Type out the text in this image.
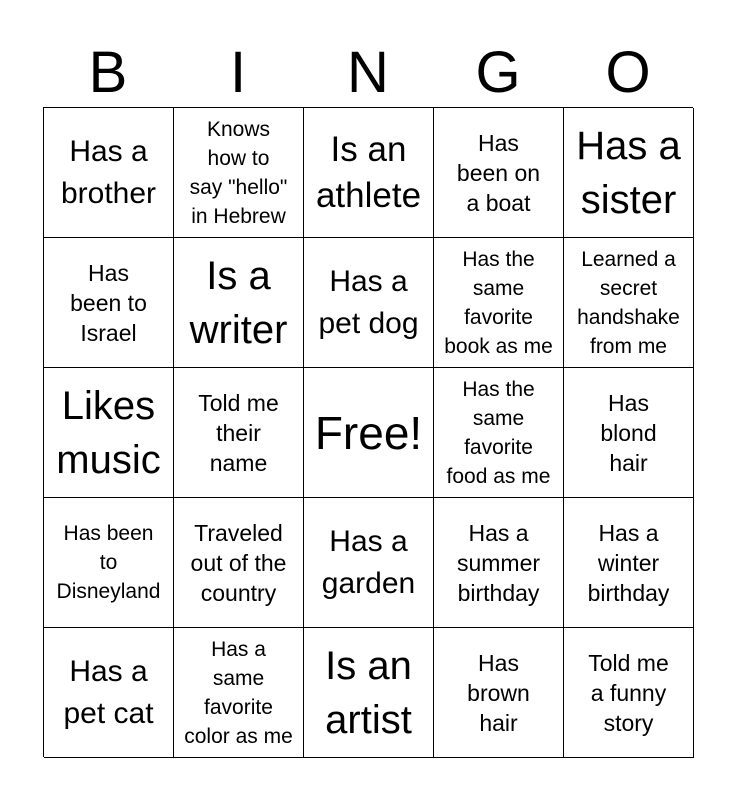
B	I	N	G	O
Has a
brother
Knows
how to
say "hello"
in Hebrew
Is an
athlete
Has
been on
a boat
Has a
sister
Has
been to
Israel
Is a
writer
Has a
pet dog
Has the
same
favorite
book as me
Learned a
secret
handshake
from me
Likes
music
Told me
their
name
Free!
Has the
same
favorite
food as me
Has
blond
hair
Has been
to
Disneyland
Traveled
out of the
country
Has a
garden
Has a
summer
birthday
Has a
winter
birthday
Has a
pet cat
Has a
same
favorite
color as me
Is an
artist
Has
brown
hair
Told me
a funny
story
